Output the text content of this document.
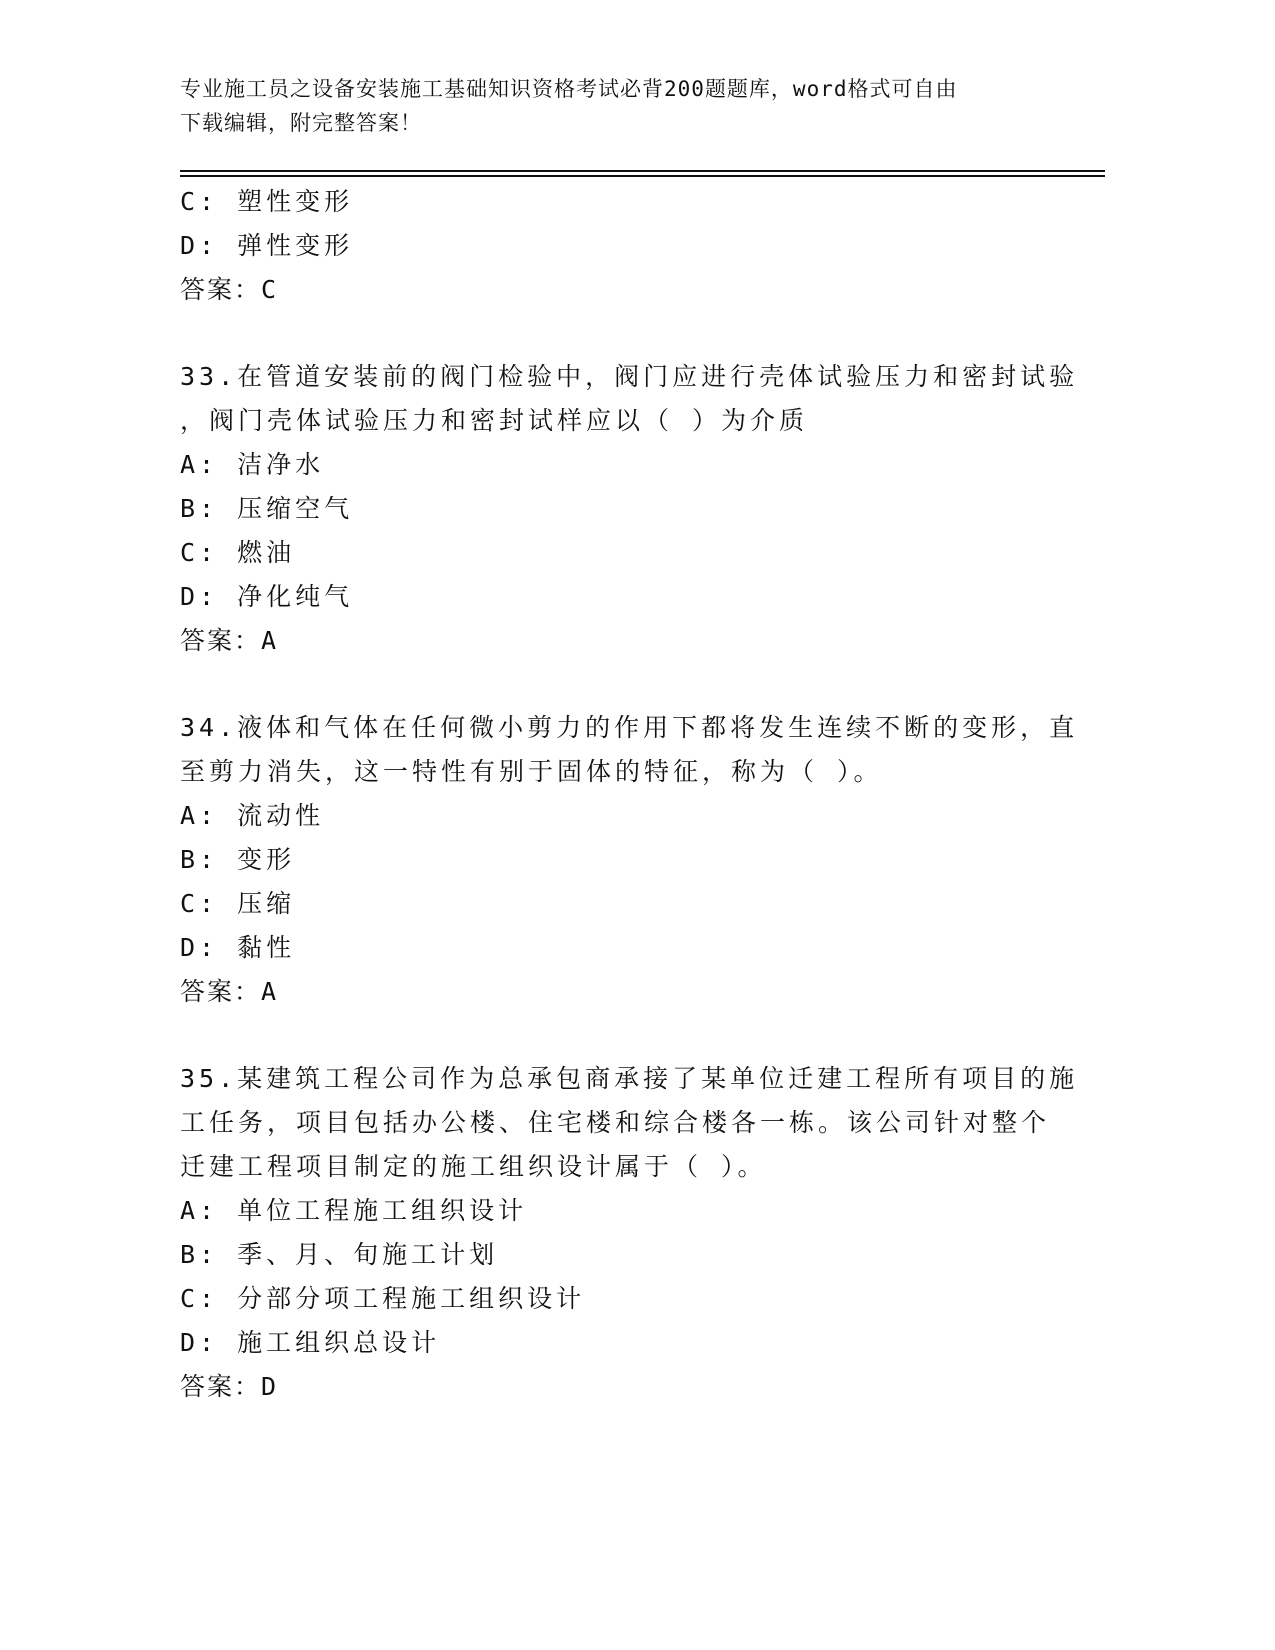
专业施工员之设备安装施工基础知识资格考试必背200题题库，word格式可自由
下载编辑，附完整答案！
C: 塑性变形
D: 弹性变形
答案：C
33.在管道安装前的阀门检验中，阀门应进行壳体试验压力和密封试验
，阀门壳体试验压力和密封试样应以（ ）为介质
A: 洁净水
B: 压缩空气
C: 燃油
D: 净化纯气
答案：A
34.液体和气体在任何微小剪力的作用下都将发生连续不断的变形，直
至剪力消失，这一特性有别于固体的特征，称为（ ）。
A: 流动性
B: 变形
C: 压缩
D: 黏性
答案：A
35.某建筑工程公司作为总承包商承接了某单位迁建工程所有项目的施
工任务，项目包括办公楼、住宅楼和综合楼各一栋。该公司针对整个
迁建工程项目制定的施工组织设计属于（ ）。
A: 单位工程施工组织设计
B: 季、月、旬施工计划
C: 分部分项工程施工组织设计
D: 施工组织总设计
答案：D
